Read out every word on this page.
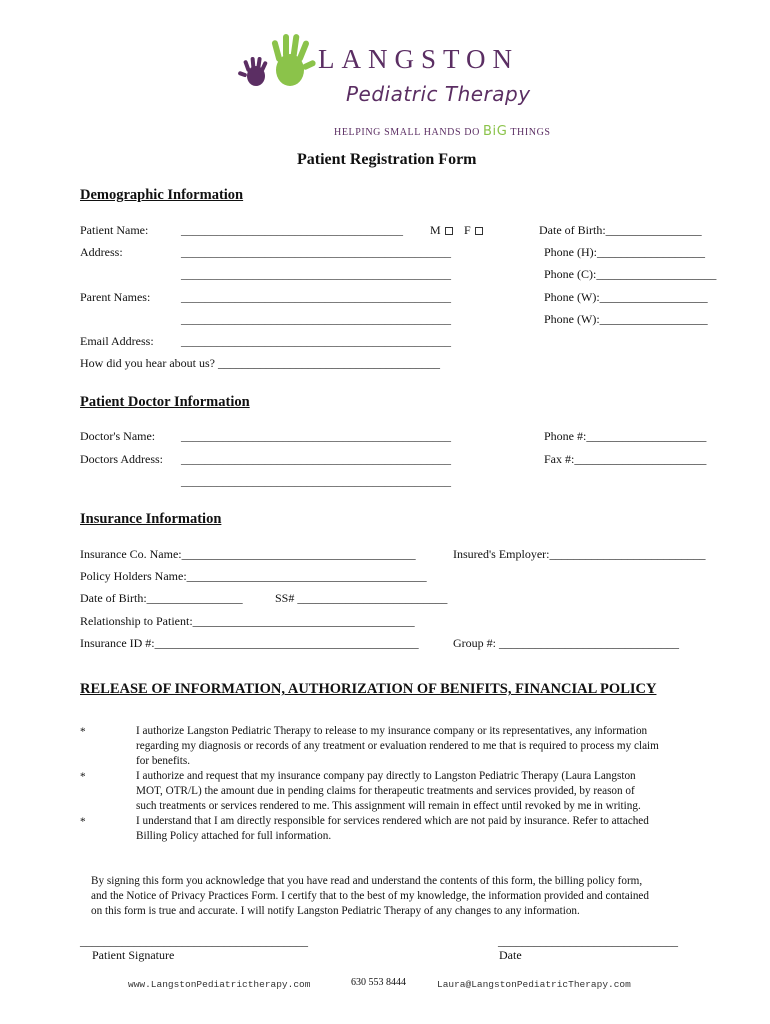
LANGSTON
Pediatric Therapy
HELPING SMALL HANDS DO BiG THINGS
Patient Registration Form
Demographic Information
Patient Name:	_____________________________________ M	F	Date of Birth:________________
Address:	_____________________________________________	Phone (H):__________________
_____________________________________________	Phone (C):____________________
Parent Names:	_____________________________________________	Phone (W):__________________
_____________________________________________	Phone (W):__________________
Email Address: _____________________________________________
How did you hear about us? _____________________________________
Patient Doctor Information
Doctor's Name: _____________________________________________	Phone #:____________________
Doctors Address: _____________________________________________	Fax #:______________________
_____________________________________________
Insurance Information
Insurance Co. Name:_______________________________________	Insured's Employer:__________________________
Policy Holders Name:________________________________________
Date of Birth:________________	SS# _________________________
Relationship to Patient:_____________________________________
Insurance ID #:____________________________________________	Group #: ______________________________
RELEASE OF INFORMATION, AUTHORIZATION OF BENIFITS, FINANCIAL POLICY
*	I authorize Langston Pediatric Therapy to release to my insurance company or its representatives, any information
regarding my diagnosis or records of any treatment or evaluation rendered to me that is required to process my claim
for benefits.
*	I authorize and request that my insurance company pay directly to Langston Pediatric Therapy (Laura Langston
MOT, OTR/L) the amount due in pending claims for therapeutic treatments and services provided, by reason of
such treatments or services rendered to me. This assignment will remain in effect until revoked by me in writing.
*	I understand that I am directly responsible for services rendered which are not paid by insurance. Refer to attached
Billing Policy attached for full information.
By signing this form you acknowledge that you have read and understand the contents of this form, the billing policy form,
and the Notice of Privacy Practices Form. I certify that to the best of my knowledge, the information provided and contained
on this form is true and accurate. I will notify Langston Pediatric Therapy of any changes to any information.
______________________________________
Patient Signature
______________________________
Date
www.LangstonPediatrictherapy.com	630 553 8444	Laura@LangstonPediatricTherapy.com
